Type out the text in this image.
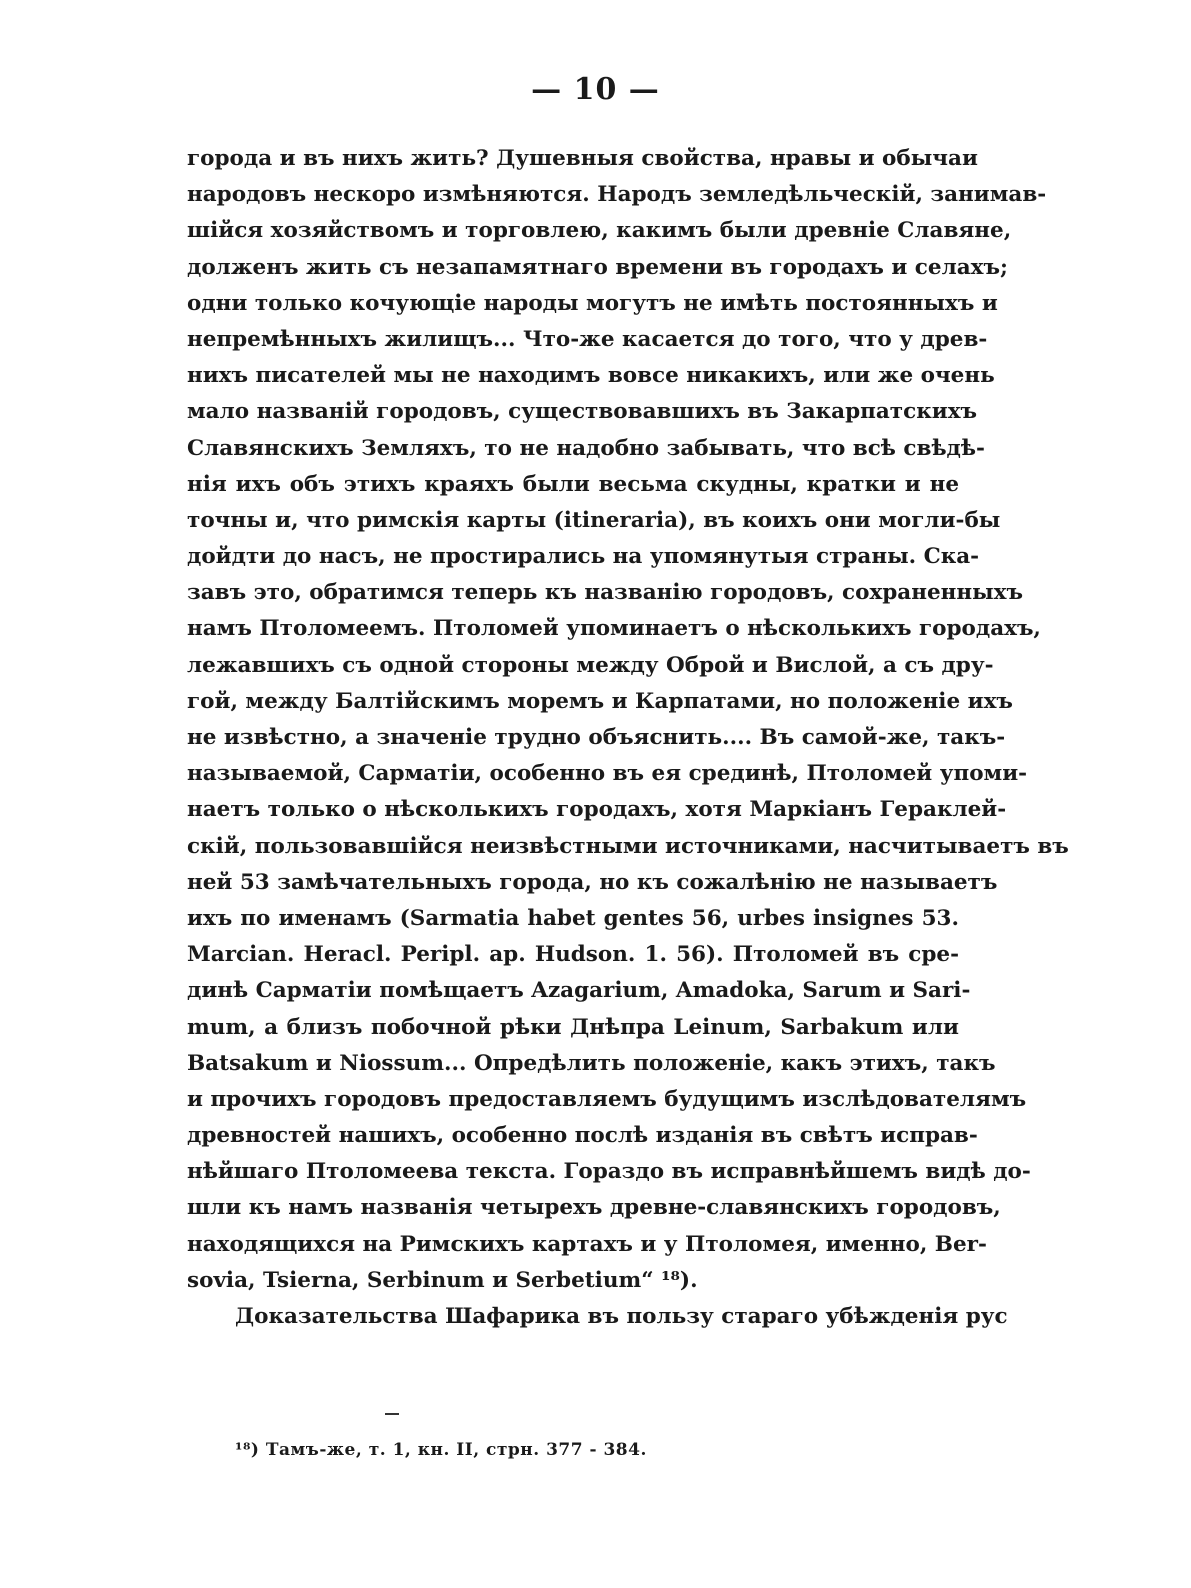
— 10 —
города и въ нихъ жить? Душевныя свойства, нравы и обычаи
народовъ нескоро измѣняются. Народъ земледѣльческiй, занимав-
шiйся хозяйствомъ и торговлею, какимъ были древнiе Славяне,
долженъ жить съ незапамятнаго времени въ городахъ и селахъ;
одни только кочующiе народы могутъ не имѣть постоянныхъ и
непремѣнныхъ жилищъ... Что-же касается до того, что у древ-
нихъ писателей мы не находимъ вовсе никакихъ, или же очень
мало названiй городовъ, существовавшихъ въ Закарпатскихъ
Славянскихъ Земляхъ, то не надобно забывать, что всѣ свѣдѣ-
нiя ихъ объ этихъ краяхъ были весьма скудны, кратки и не
точны и, что римскiя карты (itineraria), въ коихъ они могли-бы
дойдти до насъ, не простирались на упомянутыя страны. Ска-
завъ это, обратимся теперь къ названiю городовъ, сохраненныхъ
намъ Птоломеемъ. Птоломей упоминаетъ о нѣсколькихъ городахъ,
лежавшихъ съ одной стороны между Оброй и Вислой, а съ дру-
гой, между Балтiйскимъ моремъ и Карпатами, но положенiе ихъ
не извѣстно, а значенiе трудно объяснить.... Въ самой-же, такъ-
называемой, Сарматiи, особенно въ ея срединѣ, Птоломей упоми-
наетъ только о нѣсколькихъ городахъ, хотя Маркiанъ Гераклей-
скiй, пользовавшiйся неизвѣстными источниками, насчитываетъ въ
ней 53 замѣчательныхъ города, но къ сожалѣнiю не называетъ
ихъ по именамъ (Sarmatia habet gentes 56, urbes insignes 53.
Marcian. Heracl. Peripl. ap. Hudson. 1. 56). Птоломей въ сре-
динѣ Сарматiи помѣщаетъ Azagarium, Amadoka, Sarum и Sari-
mum, а близъ побочной рѣки Днѣпра Leinum, Sarbakum или
Batsakum и Niossum... Опредѣлить положенiе, какъ этихъ, такъ
и прочихъ городовъ предоставляемъ будущимъ изслѣдователямъ
древностей нашихъ, особенно послѣ изданiя въ свѣтъ исправ-
нѣйшаго Птоломеева текста. Гораздо въ исправнѣйшемъ видѣ до-
шли къ намъ названiя четырехъ древне-славянскихъ городовъ,
находящихся на Римскихъ картахъ и у Птоломея, именно, Ber-
sovia, Tsierna, Serbinum и Serbetium“ ¹⁸).
Доказательства Шафарика въ пользу стараго убѣжденiя рус
¹⁸) Тамъ-же, т. 1, кн. II, стрн. 377 - 384.
